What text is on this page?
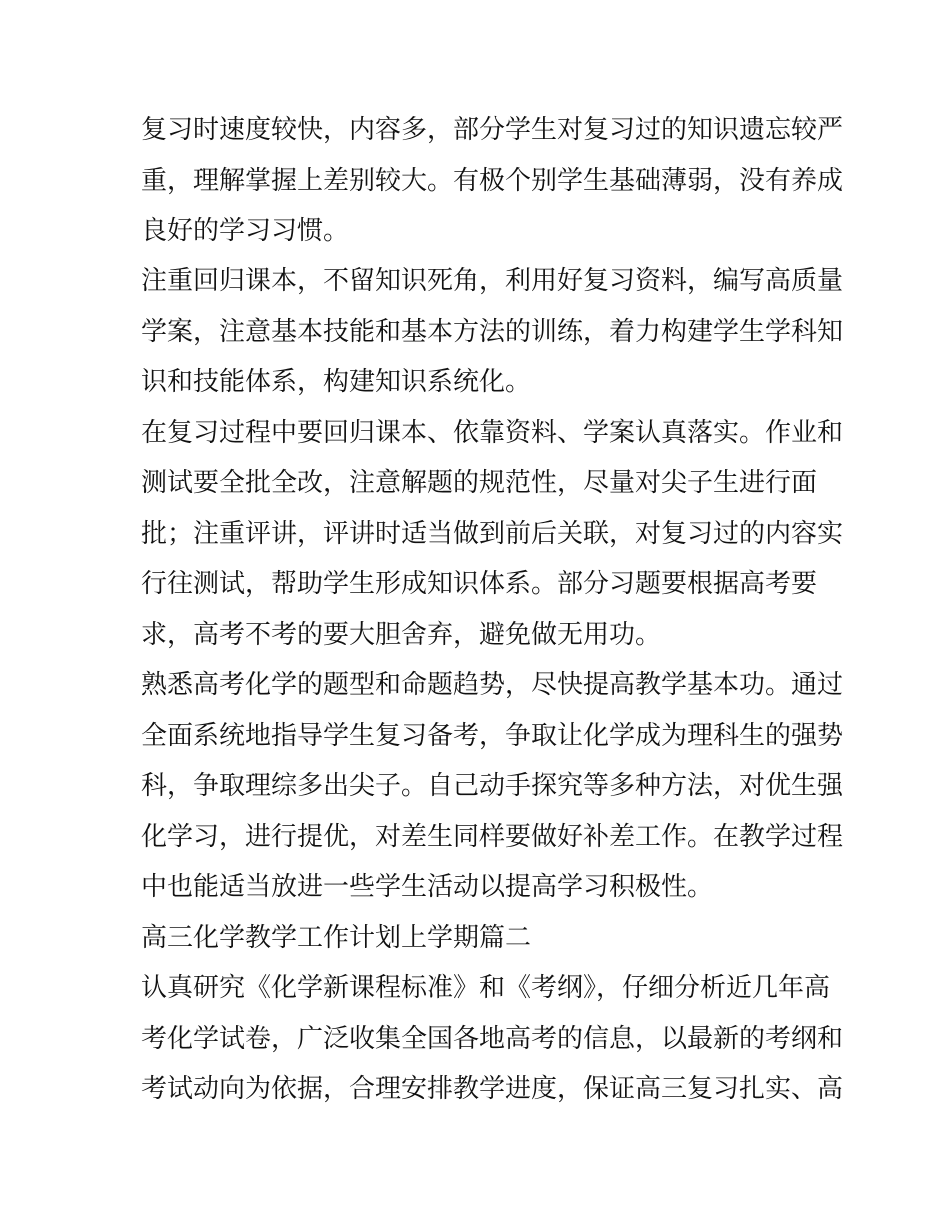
复习时速度较快，内容多，部分学生对复习过的知识遗忘较严
重，理解掌握上差别较大。有极个别学生基础薄弱，没有养成
良好的学习习惯。
注重回归课本，不留知识死角，利用好复习资料，编写高质量
学案，注意基本技能和基本方法的训练，着力构建学生学科知
识和技能体系，构建知识系统化。
在复习过程中要回归课本、依靠资料、学案认真落实。作业和
测试要全批全改，注意解题的规范性，尽量对尖子生进行面
批；注重评讲，评讲时适当做到前后关联，对复习过的内容实
行往测试，帮助学生形成知识体系。部分习题要根据高考要
求，高考不考的要大胆舍弃，避免做无用功。
熟悉高考化学的题型和命题趋势，尽快提高教学基本功。通过
全面系统地指导学生复习备考，争取让化学成为理科生的强势
科，争取理综多出尖子。自己动手探究等多种方法，对优生强
化学习，进行提优，对差生同样要做好补差工作。在教学过程
中也能适当放进一些学生活动以提高学习积极性。
高三化学教学工作计划上学期篇二
认真研究《化学新课程标准》和《考纲》，仔细分析近几年高
考化学试卷，广泛收集全国各地高考的信息，以最新的考纲和
考试动向为依据，合理安排教学进度，保证高三复习扎实、高
